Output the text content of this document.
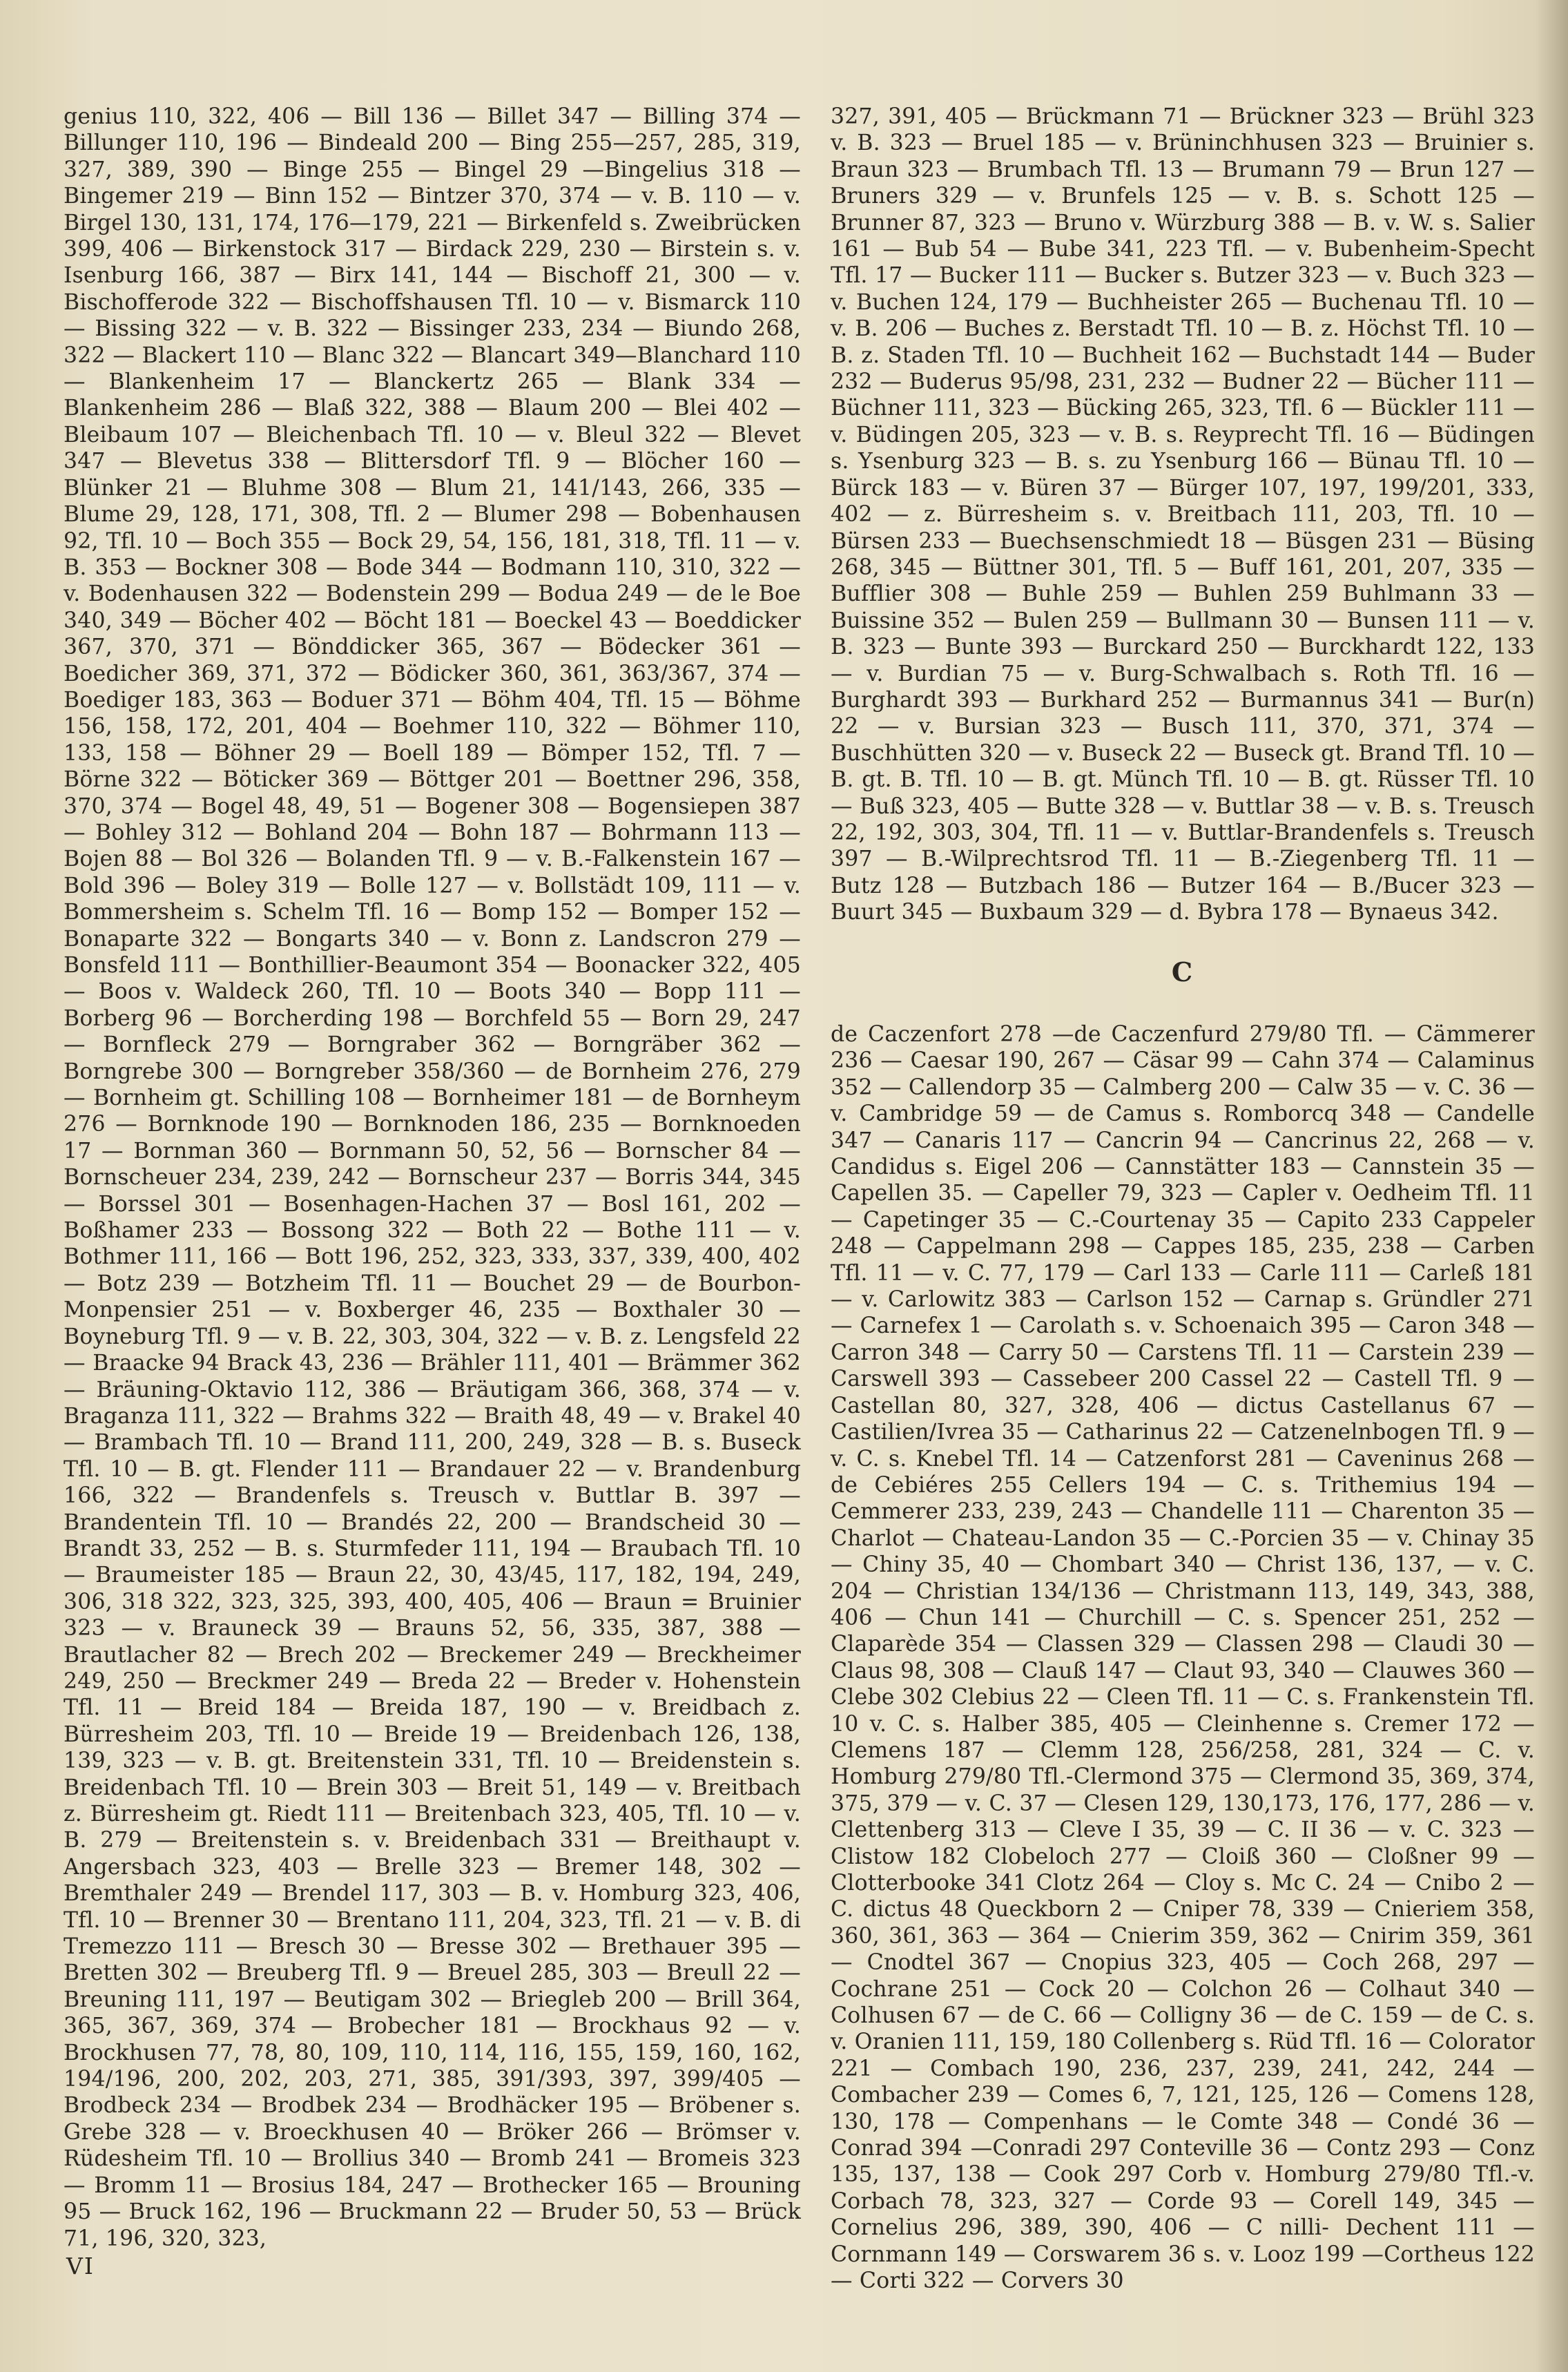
genius 110, 322, 406 — Bill 136 — Billet 347 — Billing 374 — Billunger 110, 196 — Bindeald 200 — Bing 255—257, 285, 319, 327, 389, 390 — Binge 255 — Bingel 29 —Bingelius 318 — Bingemer 219 — Binn 152 — Bintzer 370, 374 — v. B. 110 — v. Birgel 130, 131, 174, 176—179, 221 — Birkenfeld s. Zweibrücken 399, 406 — Birkenstock 317 — Birdack 229, 230 — Birstein s. v. Isenburg 166, 387 — Birx 141, 144 — Bischoff 21, 300 — v. Bischofferode 322 — Bischoffshausen Tfl. 10 — v. Bismarck 110 — Bissing 322 — v. B. 322 — Bissinger 233, 234 — Biundo 268, 322 — Blackert 110 — Blanc 322 — Blancart 349—Blanchard 110 — Blankenheim 17 — Blanckertz 265 — Blank 334 — Blankenheim 286 — Blaß 322, 388 — Blaum 200 — Blei 402 — Bleibaum 107 — Bleichenbach Tfl. 10 — v. Bleul 322 — Blevet 347 — Blevetus 338 — Blittersdorf Tfl. 9 — Blöcher 160 — Blünker 21 — Bluhme 308 — Blum 21, 141/143, 266, 335 — Blume 29, 128, 171, 308, Tfl. 2 — Blumer 298 — Bobenhausen 92, Tfl. 10 — Boch 355 — Bock 29, 54, 156, 181, 318, Tfl. 11 — v. B. 353 — Bockner 308 — Bode 344 — Bodmann 110, 310, 322 — v. Bodenhausen 322 — Bodenstein 299 — Bodua 249 — de le Boe 340, 349 — Böcher 402 — Böcht 181 — Boeckel 43 — Boeddicker 367, 370, 371 — Bönddicker 365, 367 — Bödecker 361 — Boedicher 369, 371, 372 — Bödicker 360, 361, 363/367, 374 — Boediger 183, 363 — Boduer 371 — Böhm 404, Tfl. 15 — Böhme 156, 158, 172, 201, 404 — Boehmer 110, 322 — Böhmer 110, 133, 158 — Böhner 29 — Boell 189 — Bömper 152, Tfl. 7 — Börne 322 — Böticker 369 — Böttger 201 — Boettner 296, 358, 370, 374 — Bogel 48, 49, 51 — Bogener 308 — Bogensiepen 387 — Bohley 312 — Bohland 204 — Bohn 187 — Bohrmann 113 — Bojen 88 — Bol 326 — Bolanden Tfl. 9 — v. B.-Falkenstein 167 — Bold 396 — Boley 319 — Bolle 127 — v. Bollstädt 109, 111 — v. Bommersheim s. Schelm Tfl. 16 — Bomp 152 — Bomper 152 — Bonaparte 322 — Bongarts 340 — v. Bonn z. Landscron 279 — Bonsfeld 111 — Bonthillier-Beaumont 354 — Boonacker 322, 405 — Boos v. Waldeck 260, Tfl. 10 — Boots 340 — Bopp 111 — Borberg 96 — Borcherding 198 — Borchfeld 55 — Born 29, 247 — Bornfleck 279 — Borngraber 362 — Borngräber 362 — Borngrebe 300 — Borngreber 358/360 — de Bornheim 276, 279 — Bornheim gt. Schilling 108 — Bornheimer 181 — de Bornheym 276 — Bornknode 190 — Bornknoden 186, 235 — Bornknoeden 17 — Bornman 360 — Bornmann 50, 52, 56 — Bornscher 84 — Bornscheuer 234, 239, 242 — Bornscheur 237 — Borris 344, 345 — Borssel 301 — Bosenhagen-Hachen 37 — Bosl 161, 202 — Boßhamer 233 — Bossong 322 — Both 22 — Bothe 111 — v. Bothmer 111, 166 — Bott 196, 252, 323, 333, 337, 339, 400, 402 — Botz 239 — Botzheim Tfl. 11 — Bouchet 29 — de Bourbon-Monpensier 251 — v. Boxberger 46, 235 — Boxthaler 30 — Boyneburg Tfl. 9 — v. B. 22, 303, 304, 322 — v. B. z. Lengsfeld 22 — Braacke 94 Brack 43, 236 — Brähler 111, 401 — Brämmer 362 — Bräuning-Oktavio 112, 386 — Bräutigam 366, 368, 374 — v. Braganza 111, 322 — Brahms 322 — Braith 48, 49 — v. Brakel 40 — Brambach Tfl. 10 — Brand 111, 200, 249, 328 — B. s. Buseck Tfl. 10 — B. gt. Flender 111 — Brandauer 22 — v. Brandenburg 166, 322 — Brandenfels s. Treusch v. Buttlar B. 397 — Brandentein Tfl. 10 — Brandés 22, 200 — Brandscheid 30 — Brandt 33, 252 — B. s. Sturmfeder 111, 194 — Braubach Tfl. 10 — Braumeister 185 — Braun 22, 30, 43/45, 117, 182, 194, 249, 306, 318 322, 323, 325, 393, 400, 405, 406 — Braun = Bruinier 323 — v. Brauneck 39 — Brauns 52, 56, 335, 387, 388 — Brautlacher 82 — Brech 202 — Breckemer 249 — Breckheimer 249, 250 — Breckmer 249 — Breda 22 — Breder v. Hohenstein Tfl. 11 — Breid 184 — Breida 187, 190 — v. Breidbach z. Bürresheim 203, Tfl. 10 — Breide 19 — Breidenbach 126, 138, 139, 323 — v. B. gt. Breitenstein 331, Tfl. 10 — Breidenstein s. Breidenbach Tfl. 10 — Brein 303 — Breit 51, 149 — v. Breitbach z. Bürresheim gt. Riedt 111 — Breitenbach 323, 405, Tfl. 10 — v. B. 279 — Breitenstein s. v. Breidenbach 331 — Breithaupt v. Angersbach 323, 403 — Brelle 323 — Bremer 148, 302 — Bremthaler 249 — Brendel 117, 303 — B. v. Homburg 323, 406, Tfl. 10 — Brenner 30 — Brentano 111, 204, 323, Tfl. 21 — v. B. di Tremezzo 111 — Bresch 30 — Bresse 302 — Brethauer 395 — Bretten 302 — Breuberg Tfl. 9 — Breuel 285, 303 — Breull 22 — Breuning 111, 197 — Beutigam 302 — Briegleb 200 — Brill 364, 365, 367, 369, 374 — Brobecher 181 — Brockhaus 92 — v. Brockhusen 77, 78, 80, 109, 110, 114, 116, 155, 159, 160, 162, 194/196, 200, 202, 203, 271, 385, 391/393, 397, 399/405 — Brodbeck 234 — Brodbek 234 — Brodhäcker 195 — Bröbener s. Grebe 328 — v. Broeckhusen 40 — Bröker 266 — Brömser v. Rüdesheim Tfl. 10 — Brollius 340 — Bromb 241 — Bromeis 323 — Bromm 11 — Brosius 184, 247 — Brothecker 165 — Brouning 95 — Bruck 162, 196 — Bruckmann 22 — Bruder 50, 53 — Brück 71, 196, 320, 323,

327, 391, 405 — Brückmann 71 — Brückner 323 — Brühl 323 v. B. 323 — Bruel 185 — v. Brüninchhusen 323 — Bruinier s. Braun 323 — Brumbach Tfl. 13 — Brumann 79 — Brun 127 — Bruners 329 — v. Brunfels 125 — v. B. s. Schott 125 — Brunner 87, 323 — Bruno v. Würzburg 388 — B. v. W. s. Salier 161 — Bub 54 — Bube 341, 223 Tfl. — v. Bubenheim-Specht Tfl. 17 — Bucker 111 — Bucker s. Butzer 323 — v. Buch 323 — v. Buchen 124, 179 — Buchheister 265 — Buchenau Tfl. 10 — v. B. 206 — Buches z. Berstadt Tfl. 10 — B. z. Höchst Tfl. 10 — B. z. Staden Tfl. 10 — Buchheit 162 — Buchstadt 144 — Buder 232 — Buderus 95/98, 231, 232 — Budner 22 — Bücher 111 — Büchner 111, 323 — Bücking 265, 323, Tfl. 6 — Bückler 111 — v. Büdingen 205, 323 — v. B. s. Reyprecht Tfl. 16 — Büdingen s. Ysenburg 323 — B. s. zu Ysenburg 166 — Bünau Tfl. 10 — Bürck 183 — v. Büren 37 — Bürger 107, 197, 199/201, 333, 402 — z. Bürresheim s. v. Breitbach 111, 203, Tfl. 10 — Bürsen 233 — Buechsenschmiedt 18 — Büsgen 231 — Büsing 268, 345 — Büttner 301, Tfl. 5 — Buff 161, 201, 207, 335 — Bufflier 308 — Buhle 259 — Buhlen 259 Buhlmann 33 — Buissine 352 — Bulen 259 — Bullmann 30 — Bunsen 111 — v. B. 323 — Bunte 393 — Burckard 250 — Burckhardt 122, 133 — v. Burdian 75 — v. Burg-Schwalbach s. Roth Tfl. 16 — Burghardt 393 — Burkhard 252 — Burmannus 341 — Bur(n) 22 — v. Bursian 323 — Busch 111, 370, 371, 374 — Buschhütten 320 — v. Buseck 22 — Buseck gt. Brand Tfl. 10 — B. gt. B. Tfl. 10 — B. gt. Münch Tfl. 10 — B. gt. Rüsser Tfl. 10 — Buß 323, 405 — Butte 328 — v. Buttlar 38 — v. B. s. Treusch 22, 192, 303, 304, Tfl. 11 — v. Buttlar-Brandenfels s. Treusch 397 — B.-Wilprechtsrod Tfl. 11 — B.-Ziegenberg Tfl. 11 — Butz 128 — Butzbach 186 — Butzer 164 — B./Bucer 323 — Buurt 345 — Buxbaum 329 — d. Bybra 178 — Bynaeus 342.

C

de Caczenfort 278 —de Caczenfurd 279/80 Tfl. — Cämmerer 236 — Caesar 190, 267 — Cäsar 99 — Cahn 374 — Calaminus 352 — Callendorp 35 — Calmberg 200 — Calw 35 — v. C. 36 — v. Cambridge 59 — de Camus s. Romborcq 348 — Candelle 347 — Canaris 117 — Cancrin 94 — Cancrinus 22, 268 — v. Candidus s. Eigel 206 — Cannstätter 183 — Cannstein 35 — Capellen 35. — Capeller 79, 323 — Capler v. Oedheim Tfl. 11 — Capetinger 35 — C.-Courtenay 35 — Capito 233 Cappeler 248 — Cappelmann 298 — Cappes 185, 235, 238 — Carben Tfl. 11 — v. C. 77, 179 — Carl 133 — Carle 111 — Carleß 181 — v. Carlowitz 383 — Carlson 152 — Carnap s. Gründler 271 — Carnefex 1 — Carolath s. v. Schoenaich 395 — Caron 348 — Carron 348 — Carry 50 — Carstens Tfl. 11 — Carstein 239 —Carswell 393 — Cassebeer 200 Cassel 22 — Castell Tfl. 9 — Castellan 80, 327, 328, 406 — dictus Castellanus 67 — Castilien/Ivrea 35 — Catharinus 22 — Catzenelnbogen Tfl. 9 — v. C. s. Knebel Tfl. 14 — Catzenforst 281 — Caveninus 268 — de Cebiéres 255 Cellers 194 — C. s. Trithemius 194 — Cemmerer 233, 239, 243 — Chandelle 111 — Charenton 35 — Charlot — Chateau-Landon 35 — C.-Porcien 35 — v. Chinay 35 — Chiny 35, 40 — Chombart 340 — Christ 136, 137, — v. C. 204 — Christian 134/136 — Christmann 113, 149, 343, 388, 406 — Chun 141 — Churchill — C. s. Spencer 251, 252 — Claparède 354 — Classen 329 — Classen 298 — Claudi 30 — Claus 98, 308 — Clauß 147 — Claut 93, 340 — Clauwes 360 — Clebe 302 Clebius 22 — Cleen Tfl. 11 — C. s. Frankenstein Tfl. 10 v. C. s. Halber 385, 405 — Cleinhenne s. Cremer 172 — Clemens 187 — Clemm 128, 256/258, 281, 324 — C. v. Homburg 279/80 Tfl.-Clermond 375 — Clermond 35, 369, 374, 375, 379 — v. C. 37 — Clesen 129, 130,173, 176, 177, 286 — v. Clettenberg 313 — Cleve I 35, 39 — C. II 36 — v. C. 323 —Clistow 182 Clobeloch 277 — Cloiß 360 — Cloßner 99 — Clotterbooke 341 Clotz 264 — Cloy s. Mc C. 24 — Cnibo 2 — C. dictus 48 Queckborn 2 — Cniper 78, 339 — Cnieriem 358, 360, 361, 363 — 364 — Cnierim 359, 362 — Cnirim 359, 361 — Cnodtel 367 — Cnopius 323, 405 — Coch 268, 297 — Cochrane 251 — Cock 20 — Colchon 26 — Colhaut 340 — Colhusen 67 — de C. 66 — Colligny 36 — de C. 159 — de C. s. v. Oranien 111, 159, 180 Collenberg s. Rüd Tfl. 16 — Colorator 221 — Combach 190, 236, 237, 239, 241, 242, 244 — Combacher 239 — Comes 6, 7, 121, 125, 126 — Comens 128, 130, 178 — Compenhans — le Comte 348 — Condé 36 — Conrad 394 —Conradi 297 Conteville 36 — Contz 293 — Conz 135, 137, 138 — Cook 297 Corb v. Homburg 279/80 Tfl.-v. Corbach 78, 323, 327 — Corde 93 — Corell 149, 345 — Cornelius 296, 389, 390, 406 — C nilli- Dechent 111 — Cornmann 149 — Corswarem 36 s. v. Looz 199 —Cortheus 122 — Corti 322 — Corvers 30

VI
